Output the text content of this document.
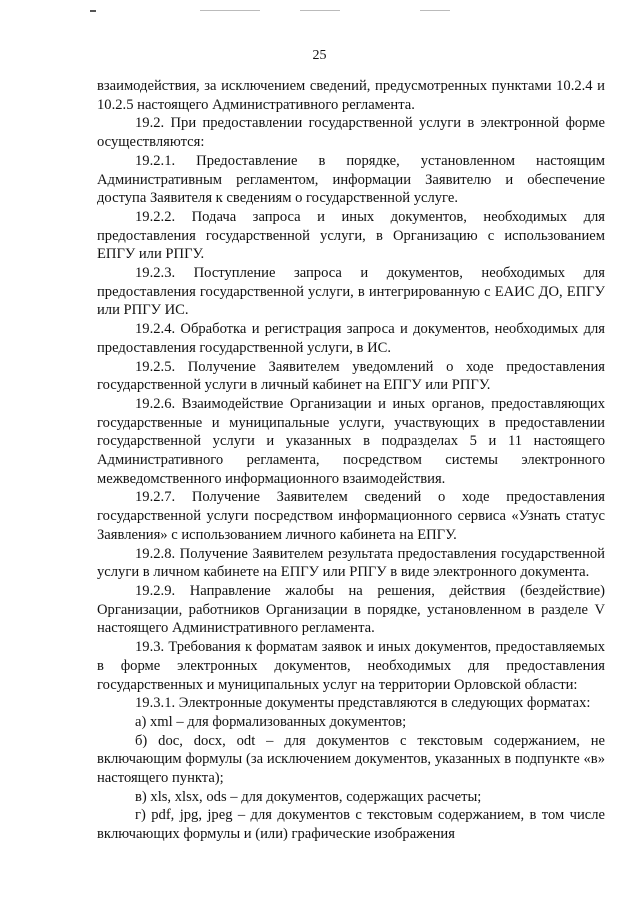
25

взаимодействия, за исключением сведений, предусмотренных пунктами 10.2.4 и 10.2.5 настоящего Административного регламента.

19.2. При предоставлении государственной услуги в электронной форме осуществляются:

19.2.1. Предоставление в порядке, установленном настоящим Административным регламентом, информации Заявителю и обеспечение доступа Заявителя к сведениям о государственной услуге.

19.2.2. Подача запроса и иных документов, необходимых для предоставления государственной услуги, в Организацию с использованием ЕПГУ или РПГУ.

19.2.3. Поступление запроса и документов, необходимых для предоставления государственной услуги, в интегрированную с ЕАИС ДО, ЕПГУ или РПГУ ИС.

19.2.4. Обработка и регистрация запроса и документов, необходимых для предоставления государственной услуги, в ИС.

19.2.5. Получение Заявителем уведомлений о ходе предоставления государственной услуги в личный кабинет на ЕПГУ или РПГУ.

19.2.6. Взаимодействие Организации и иных органов, предоставляющих государственные и муниципальные услуги, участвующих в предоставлении государственной услуги и указанных в подразделах 5 и 11 настоящего Административного регламента, посредством системы электронного межведомственного информационного взаимодействия.

19.2.7. Получение Заявителем сведений о ходе предоставления государственной услуги посредством информационного сервиса «Узнать статус Заявления» с использованием личного кабинета на ЕПГУ.

19.2.8. Получение Заявителем результата предоставления государственной услуги в личном кабинете на ЕПГУ или РПГУ в виде электронного документа.

19.2.9. Направление жалобы на решения, действия (бездействие) Организации, работников Организации в порядке, установленном в разделе V настоящего Административного регламента.

19.3. Требования к форматам заявок и иных документов, предоставляемых в форме электронных документов, необходимых для предоставления государственных и муниципальных услуг на территории Орловской области:

19.3.1. Электронные документы представляются в следующих форматах:

а) xml – для формализованных документов;

б) doc, docx, odt – для документов с текстовым содержанием, не включающим формулы (за исключением документов, указанных в подпункте «в» настоящего пункта);

в) xls, xlsx, ods – для документов, содержащих расчеты;

г) pdf, jpg, jpeg – для документов с текстовым содержанием, в том числе включающих формулы и (или) графические изображения
